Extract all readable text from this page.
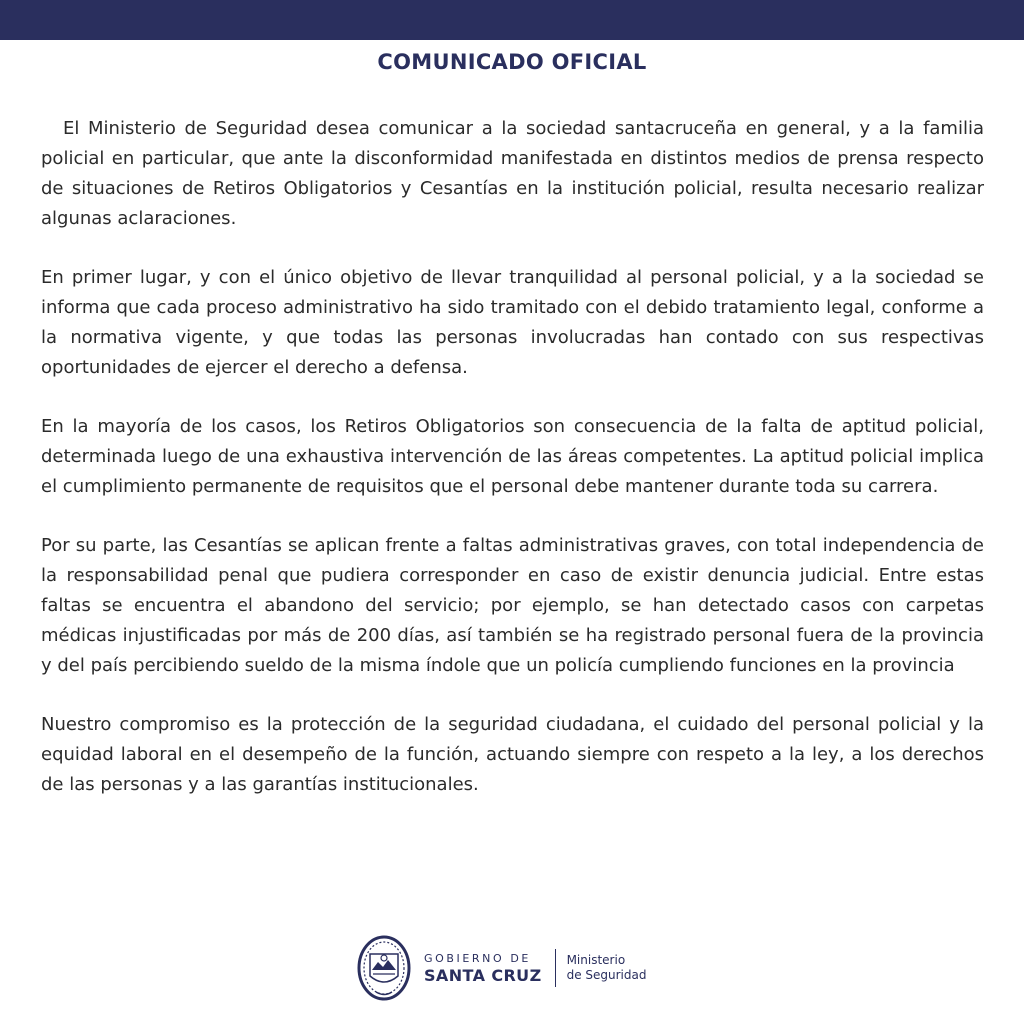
COMUNICADO OFICIAL

El Ministerio de Seguridad desea comunicar a la sociedad santacruceña en general, y a la familia policial en particular, que ante la disconformidad manifestada en distintos medios de prensa respecto de situaciones de Retiros Obligatorios y Cesantías en la institución policial, resulta necesario realizar algunas aclaraciones.

En primer lugar, y con el único objetivo de llevar tranquilidad al personal policial, y a la sociedad se informa que cada proceso administrativo ha sido tramitado con el debido tratamiento legal, conforme a la normativa vigente, y que todas las personas involucradas han contado con sus respectivas oportunidades de ejercer el derecho a defensa.

En la mayoría de los casos, los Retiros Obligatorios son consecuencia de la falta de aptitud policial, determinada luego de una exhaustiva intervención de las áreas competentes. La aptitud policial implica el cumplimiento permanente de requisitos que el personal debe mantener durante toda su carrera.

Por su parte, las Cesantías se aplican frente a faltas administrativas graves, con total independencia de la responsabilidad penal que pudiera corresponder en caso de existir denuncia judicial. Entre estas faltas se encuentra el abandono del servicio; por ejemplo, se han detectado casos con carpetas médicas injustificadas por más de 200 días, así también se ha registrado personal fuera de la provincia y del país percibiendo sueldo de la misma índole que un policía cumpliendo funciones en la provincia

Nuestro compromiso es la protección de la seguridad ciudadana, el cuidado del personal policial y la equidad laboral en el desempeño de la función, actuando siempre con respeto a la ley, a los derechos de las personas y a las garantías institucionales.

GOBIERNO DE
SANTA CRUZ
Ministerio
de Seguridad
